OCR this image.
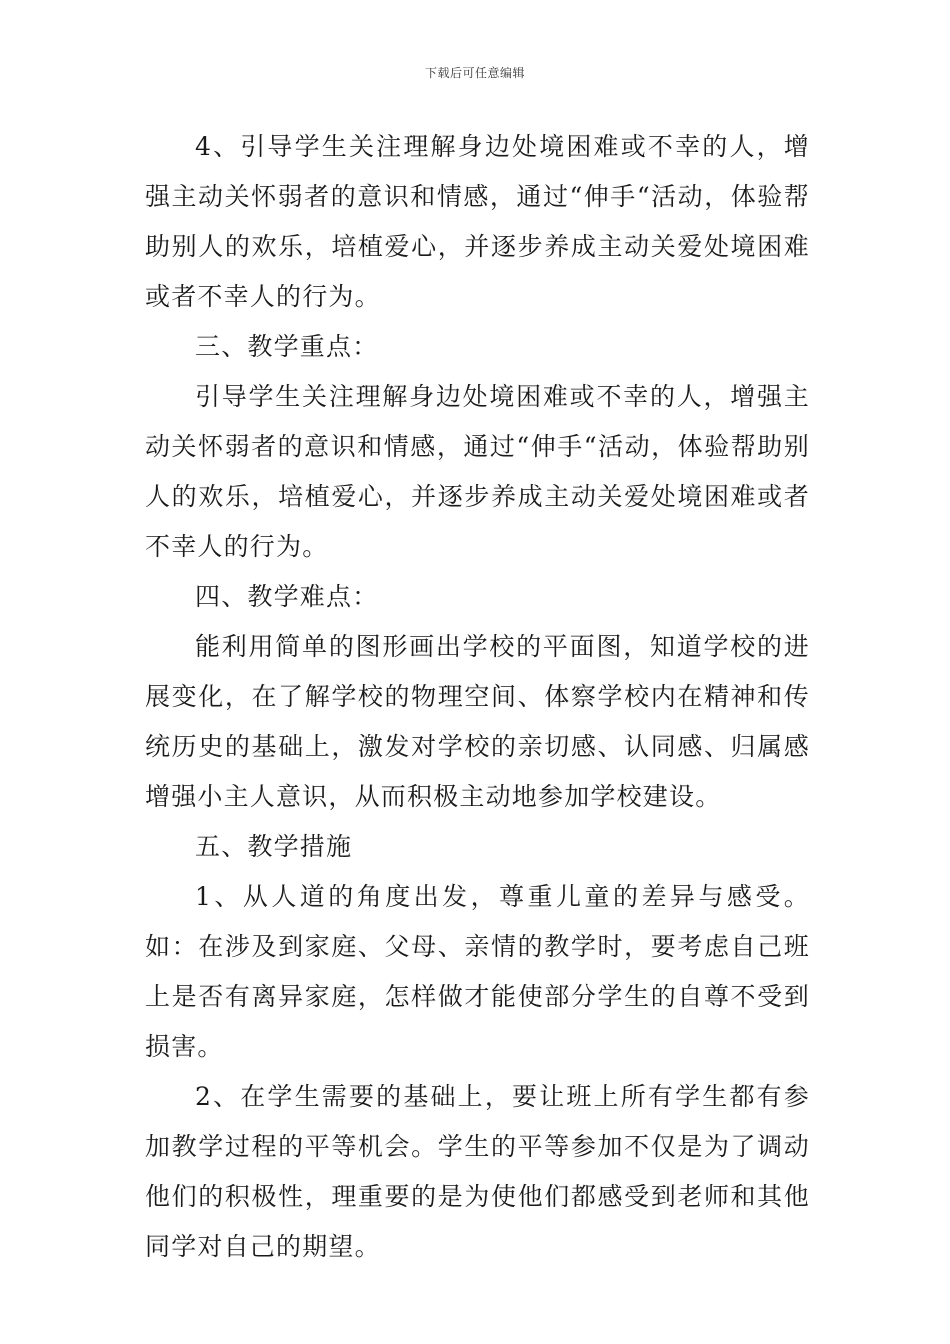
下载后可任意编辑

4、引导学生关注理解身边处境困难或不幸的人，增强主动关怀弱者的意识和情感，通过“伸手“活动，体验帮助别人的欢乐，培植爱心，并逐步养成主动关爱处境困难或者不幸人的行为。

三、教学重点：

引导学生关注理解身边处境困难或不幸的人，增强主动关怀弱者的意识和情感，通过“伸手“活动，体验帮助别人的欢乐，培植爱心，并逐步养成主动关爱处境困难或者不幸人的行为。

四、教学难点：

能利用简单的图形画出学校的平面图，知道学校的进展变化，在了解学校的物理空间、体察学校内在精神和传统历史的基础上，激发对学校的亲切感、认同感、归属感增强小主人意识，从而积极主动地参加学校建设。

五、教学措施

1、从人道的角度出发，尊重儿童的差异与感受。如：在涉及到家庭、父母、亲情的教学时，要考虑自己班上是否有离异家庭，怎样做才能使部分学生的自尊不受到损害。

2、在学生需要的基础上，要让班上所有学生都有参加教学过程的平等机会。学生的平等参加不仅是为了调动他们的积极性，理重要的是为使他们都感受到老师和其他同学对自己的期望。
